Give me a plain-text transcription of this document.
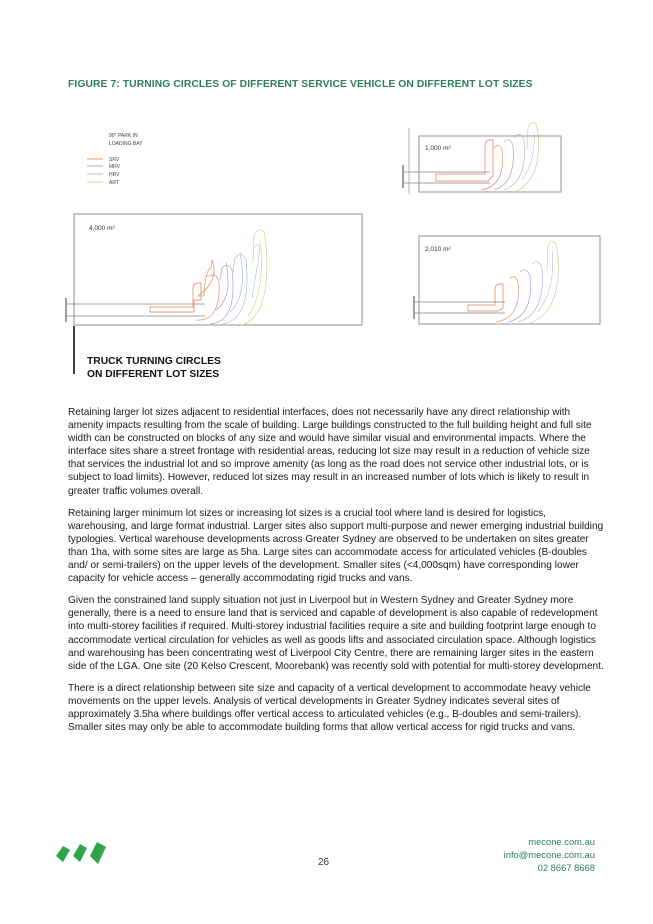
FIGURE 7: TURNING CIRCLES OF DIFFERENT SERVICE VEHICLE ON DIFFERENT LOT SIZES
90° PARK IN
LOADING BAY
SRV
MRV
HRV
ART
4,000 m²
1,000 m²
2,010 m²
TRUCK TURNING CIRCLES
ON DIFFERENT LOT SIZES

Retaining larger lot sizes adjacent to residential interfaces, does not necessarily have any direct relationship with amenity impacts resulting from the scale of building. Large buildings constructed to the full building height and full site width can be constructed on blocks of any size and would have similar visual and environmental impacts. Where the interface sites share a street frontage with residential areas, reducing lot size may result in a reduction of vehicle size that services the industrial lot and so improve amenity (as long as the road does not service other industrial lots, or is subject to load limits). However, reduced lot sizes may result in an increased number of lots which is likely to result in greater traffic volumes overall.

Retaining larger minimum lot sizes or increasing lot sizes is a crucial tool where land is desired for logistics, warehousing, and large format industrial. Larger sites also support multi-purpose and newer emerging industrial building typologies. Vertical warehouse developments across Greater Sydney are observed to be undertaken on sites greater than 1ha, with some sites are large as 5ha. Large sites can accommodate access for articulated vehicles (B-doubles and/ or semi-trailers) on the upper levels of the development. Smaller sites (<4,000sqm) have corresponding lower capacity for vehicle access – generally accommodating rigid trucks and vans.

Given the constrained land supply situation not just in Liverpool but in Western Sydney and Greater Sydney more generally, there is a need to ensure land that is serviced and capable of development is also capable of redevelopment into multi-storey facilities if required. Multi-storey industrial facilities require a site and building footprint large enough to accommodate vertical circulation for vehicles as well as goods lifts and associated circulation space. Although logistics and warehousing has been concentrating west of Liverpool City Centre, there are remaining larger sites in the eastern side of the LGA. One site (20 Kelso Crescent, Moorebank) was recently sold with potential for multi-storey development.

There is a direct relationship between site size and capacity of a vertical development to accommodate heavy vehicle movements on the upper levels. Analysis of vertical developments in Greater Sydney indicates several sites of approximately 3.5ha where buildings offer vertical access to articulated vehicles (e.g., B-doubles and semi-trailers). Smaller sites may only be able to accommodate building forms that allow vertical access for rigid trucks and vans.

26
mecone.com.au
info@mecone.com.au
02 8667 8668
